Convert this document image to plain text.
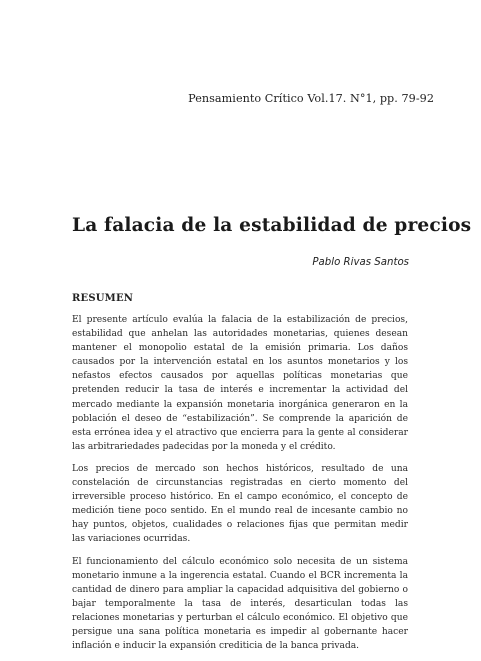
Pensamiento Crítico Vol.17. N°1, pp. 79-92
La falacia de la estabilidad de precios
Pablo Rivas Santos
RESUMEN

El presente artículo evalúa la falacia de la estabilización de precios, estabilidad que anhelan las autoridades monetarias, quienes desean mantener el monopolio estatal de la emisión primaria. Los daños causados por la intervención estatal en los asuntos monetarios y los nefastos efectos causados por aquellas políticas monetarias que pretenden reducir la tasa de interés e incrementar la actividad del mercado mediante la expansión monetaria inorgánica generaron en la población el deseo de “estabilización”. Se comprende la aparición de esta errónea idea y el atractivo que encierra para la gente al considerar las arbitrariedades padecidas por la moneda y el crédito.

Los precios de mercado son hechos históricos, resultado de una constelación de circunstancias registradas en cierto momento del irreversible proceso histórico. En el campo económico, el concepto de medición tiene poco sentido. En el mundo real de incesante cambio no hay puntos, objetos, cualidades o relaciones fijas que permitan medir las variaciones ocurridas.

El funcionamiento del cálculo económico solo necesita de un sistema monetario inmune a la ingerencia estatal. Cuando el BCR incrementa la cantidad de dinero para ampliar la capacidad adquisitiva del gobierno o bajar temporalmente la tasa de interés, desarticulan todas las relaciones monetarias y perturban el cálculo económico. El objetivo que persigue una sana política monetaria es impedir al gobernante hacer inflación e inducir la expansión crediticia de la banca privada.
